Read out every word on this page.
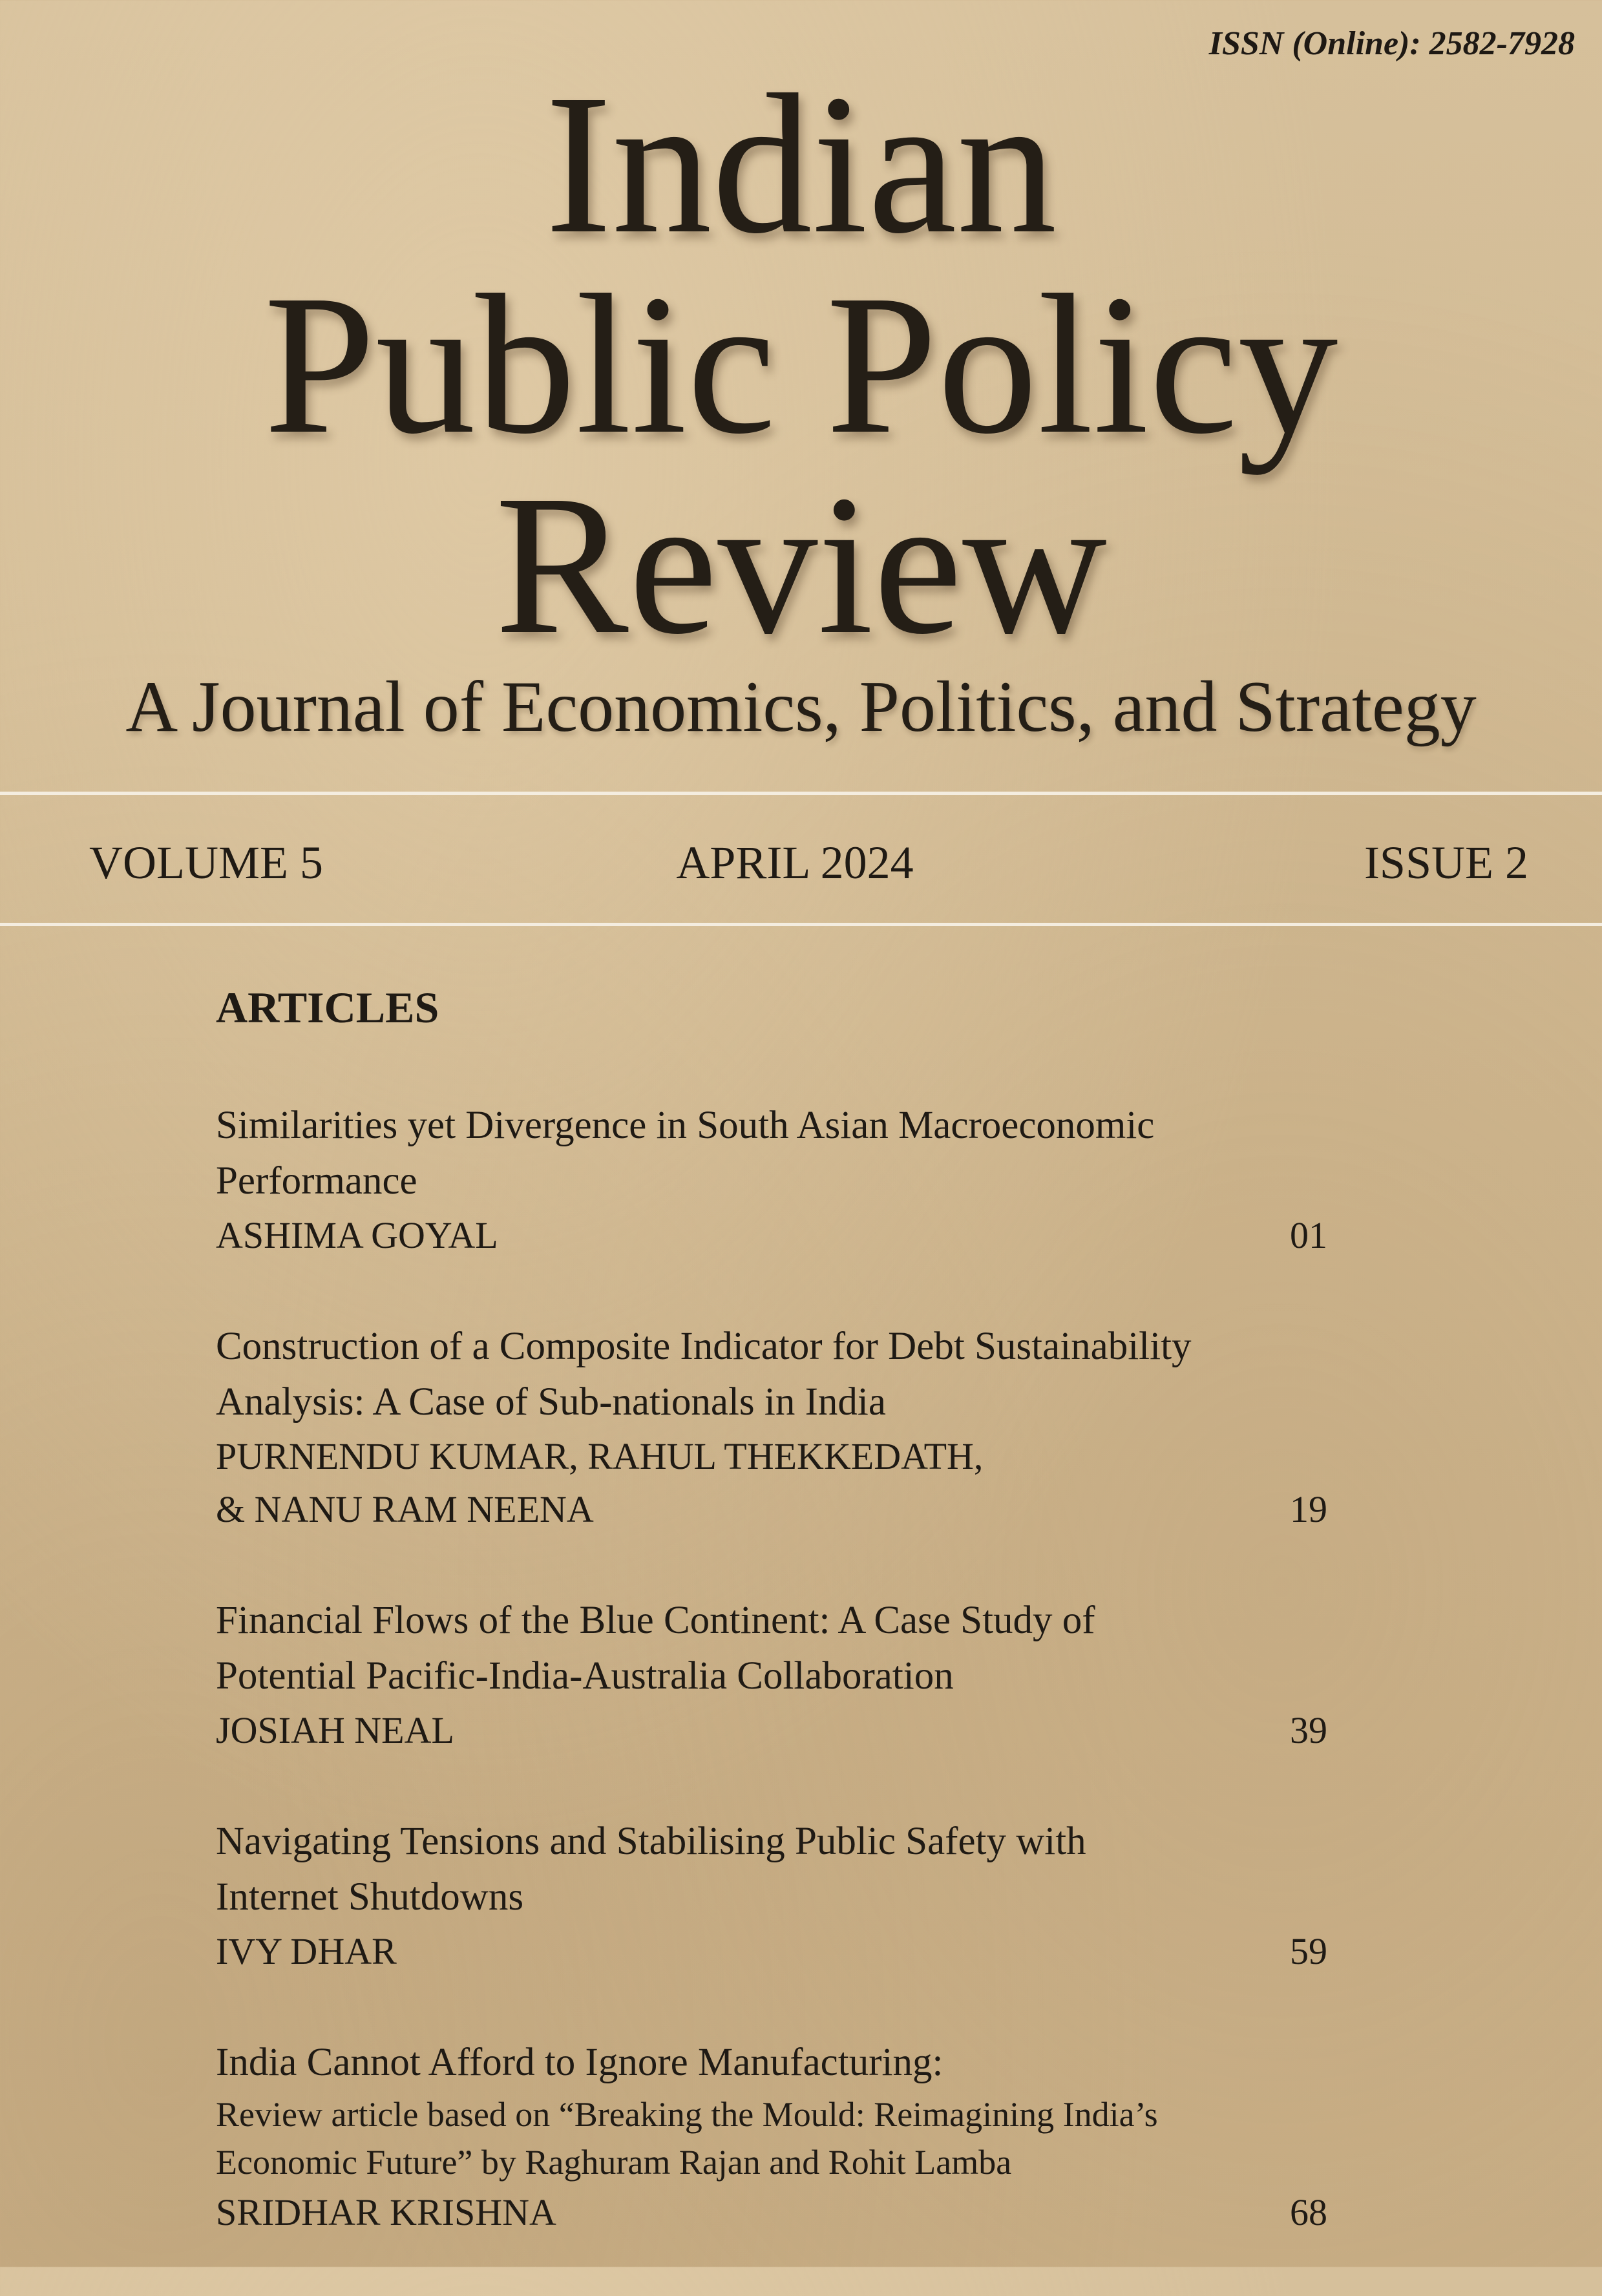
ISSN (Online): 2582-7928
Indian
Public Policy
Review
A Journal of Economics, Politics, and Strategy
VOLUME 5	APRIL 2024	ISSUE 2
ARTICLES
Similarities yet Divergence in South Asian Macroeconomic
Performance
ASHIMA GOYAL	01
Construction of a Composite Indicator for Debt Sustainability
Analysis: A Case of Sub-nationals in India
PURNENDU KUMAR, RAHUL THEKKEDATH,
& NANU RAM NEENA	19
Financial Flows of the Blue Continent: A Case Study of
Potential Pacific-India-Australia Collaboration
JOSIAH NEAL	39
Navigating Tensions and Stabilising Public Safety with
Internet Shutdowns
IVY DHAR	59
India Cannot Afford to Ignore Manufacturing:
Review article based on “Breaking the Mould: Reimagining India’s
Economic Future” by Raghuram Rajan and Rohit Lamba
SRIDHAR KRISHNA	68
